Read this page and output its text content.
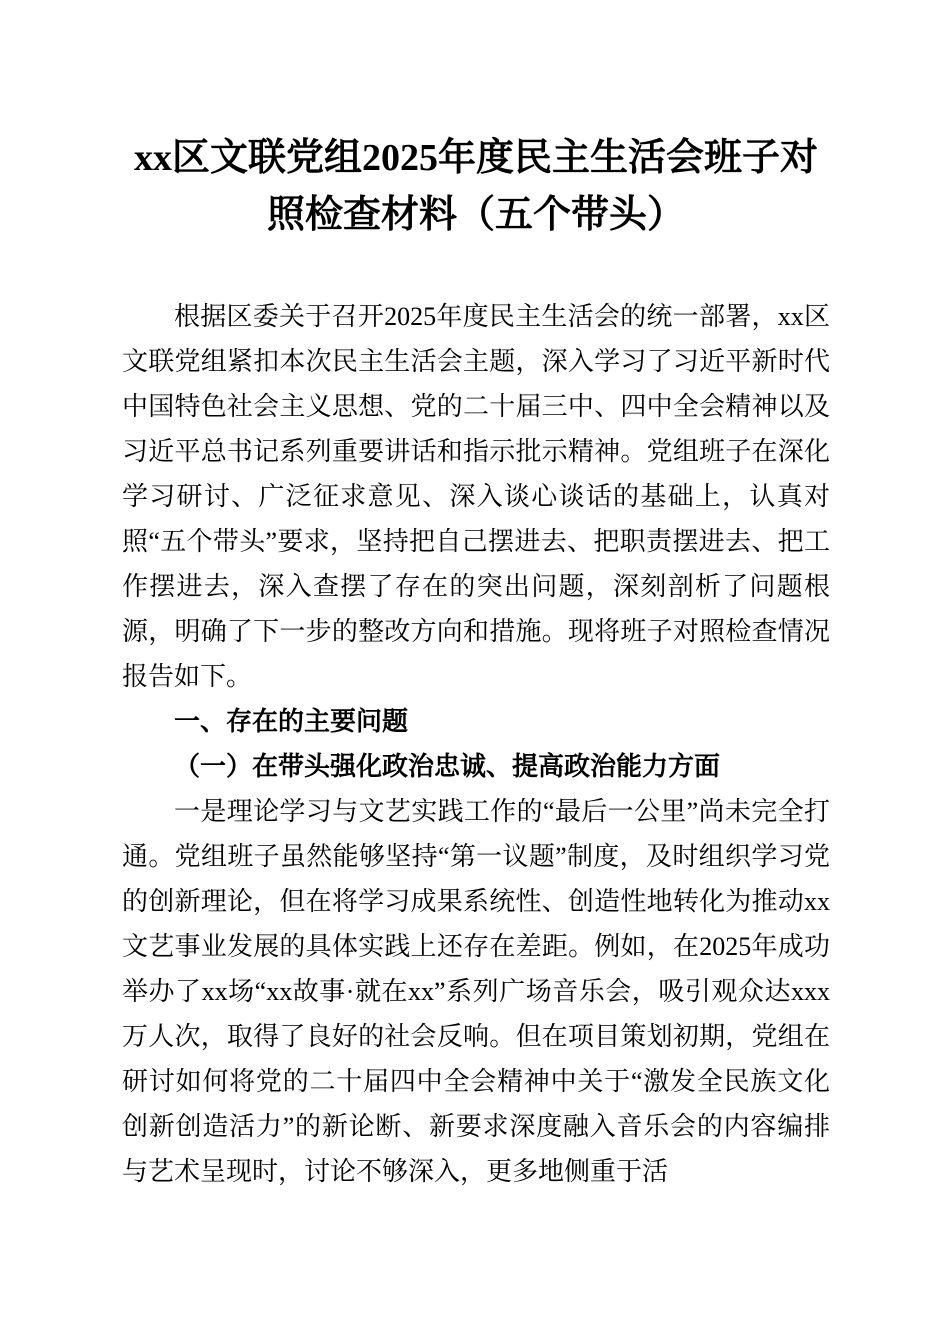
xx区文联党组2025年度民主生活会班子对照检查材料（五个带头）

根据区委关于召开2025年度民主生活会的统一部署，xx区文联党组紧扣本次民主生活会主题，深入学习了习近平新时代中国特色社会主义思想、党的二十届三中、四中全会精神以及习近平总书记系列重要讲话和指示批示精神。党组班子在深化学习研讨、广泛征求意见、深入谈心谈话的基础上，认真对照“五个带头”要求，坚持把自己摆进去、把职责摆进去、把工作摆进去，深入查摆了存在的突出问题，深刻剖析了问题根源，明确了下一步的整改方向和措施。现将班子对照检查情况报告如下。

一、存在的主要问题
（一）在带头强化政治忠诚、提高政治能力方面

一是理论学习与文艺实践工作的“最后一公里”尚未完全打通。党组班子虽然能够坚持“第一议题”制度，及时组织学习党的创新理论，但在将学习成果系统性、创造性地转化为推动xx文艺事业发展的具体实践上还存在差距。例如，在2025年成功举办了xx场“xx故事·就在xx”系列广场音乐会，吸引观众达xxx万人次，取得了良好的社会反响。但在项目策划初期，党组在研讨如何将党的二十届四中全会精神中关于“激发全民族文化创新创造活力”的新论断、新要求深度融入音乐会的内容编排与艺术呈现时，讨论不够深入，更多地侧重于活
